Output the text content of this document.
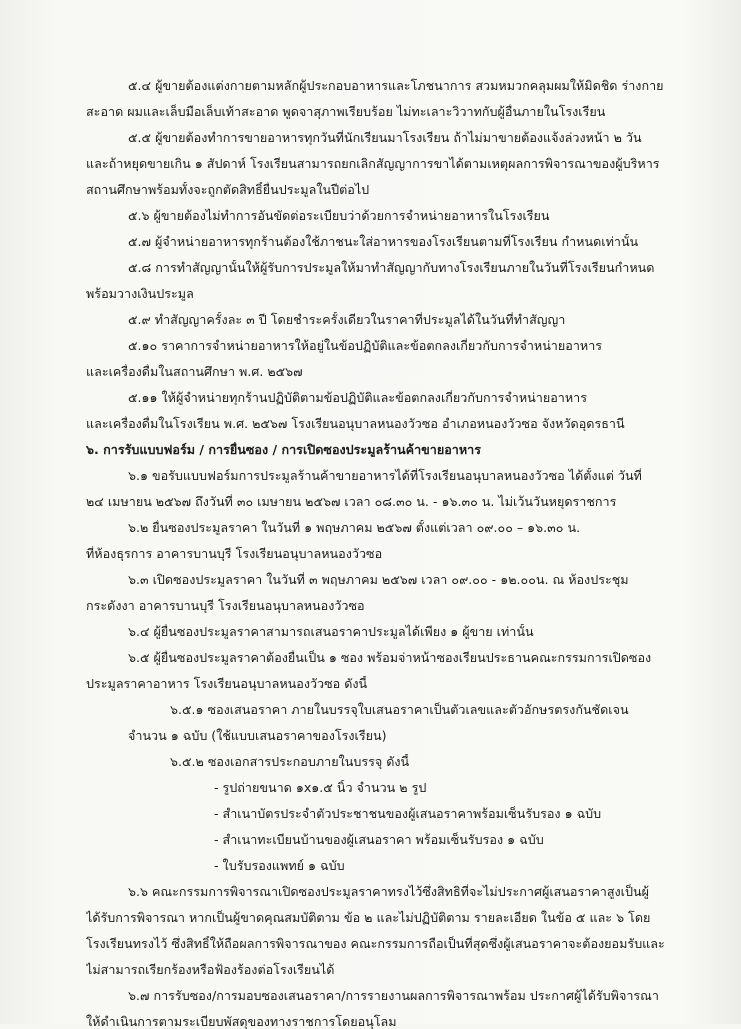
๕.๔ ผู้ขายต้องแต่งกายตามหลักผู้ประกอบอาหารและโภชนาการ สวมหมวกคลุมผมให้มิดชิด ร่างกาย
สะอาด ผมและเล็บมือเล็บเท้าสะอาด พูดจาสุภาพเรียบร้อย ไม่ทะเลาะวิวาทกับผู้อื่นภายในโรงเรียน
๕.๕ ผู้ขายต้องทำการขายอาหารทุกวันที่นักเรียนมาโรงเรียน ถ้าไม่มาขายต้องแจ้งล่วงหน้า ๒ วัน
และถ้าหยุดขายเกิน ๑ สัปดาห์ โรงเรียนสามารถยกเลิกสัญญาการขาได้ตามเหตุผลการพิจารณาของผู้บริหาร
สถานศึกษาพร้อมทั้งจะถูกตัดสิทธิ์ยื่นประมูลในปีต่อไป
๕.๖ ผู้ขายต้องไม่ทำการอันขัดต่อระเบียบว่าด้วยการจำหน่ายอาหารในโรงเรียน
๕.๗ ผู้จำหน่ายอาหารทุกร้านต้องใช้ภาชนะใส่อาหารของโรงเรียนตามที่โรงเรียน กำหนดเท่านั้น
๕.๘ การทำสัญญานั้นให้ผู้รับการประมูลให้มาทำสัญญากับทางโรงเรียนภายในวันที่โรงเรียนกำหนด
พร้อมวางเงินประมูล
๕.๙ ทำสัญญาครั้งละ ๓ ปี โดยชำระครั้งเดียวในราคาที่ประมูลได้ในวันที่ทำสัญญา
๕.๑๐ ราคาการจำหน่ายอาหารให้อยู่ในข้อปฏิบัติและข้อตกลงเกี่ยวกับการจำหน่ายอาหาร
และเครื่องดื่มในสถานศึกษา พ.ศ. ๒๕๖๗
๕.๑๑ ให้ผู้จำหน่ายทุกร้านปฏิบัติตามข้อปฏิบัติและข้อตกลงเกี่ยวกับการจำหน่ายอาหาร
และเครื่องดื่มในโรงเรียน พ.ศ. ๒๕๖๗ โรงเรียนอนุบาลหนองวัวซอ อำเภอหนองวัวซอ จังหวัดอุดรธานี
๖. การรับแบบฟอร์ม / การยื่นซอง / การเปิดซองประมูลร้านค้าขายอาหาร
๖.๑ ขอรับแบบฟอร์มการประมูลร้านค้าขายอาหารได้ที่โรงเรียนอนุบาลหนองวัวซอ ได้ตั้งแต่ วันที่
๒๔ เมษายน ๒๕๖๗ ถึงวันที่ ๓๐ เมษายน ๒๕๖๗ เวลา ๐๘.๓๐ น. - ๑๖.๓๐ น. ไม่เว้นวันหยุดราชการ
๖.๒ ยื่นซองประมูลราคา ในวันที่ ๑ พฤษภาคม ๒๕๖๗ ตั้งแต่เวลา ๐๙.๐๐ – ๑๖.๓๐ น.
ที่ห้องธุรการ อาคารบานบุรี โรงเรียนอนุบาลหนองวัวซอ
๖.๓ เปิดซองประมูลราคา ในวันที่ ๓ พฤษภาคม ๒๕๖๗ เวลา ๐๙.๐๐ - ๑๒.๐๐น. ณ ห้องประชุม
กระดังงา อาคารบานบุรี โรงเรียนอนุบาลหนองวัวซอ
๖.๔ ผู้ยื่นซองประมูลราคาสามารถเสนอราคาประมูลได้เพียง ๑ ผู้ขาย เท่านั้น
๖.๕ ผู้ยื่นซองประมูลราคาต้องยื่นเป็น ๑ ซอง พร้อมจ่าหน้าซองเรียนประธานคณะกรรมการเปิดซอง
ประมูลราคาอาหาร โรงเรียนอนุบาลหนองวัวซอ ดังนี้
๖.๕.๑ ซองเสนอราคา ภายในบรรจุใบเสนอราคาเป็นตัวเลขและตัวอักษรตรงกันชัดเจน
จำนวน ๑ ฉบับ (ใช้แบบเสนอราคาของโรงเรียน)
๖.๕.๒ ซองเอกสารประกอบภายในบรรจุ ดังนี้
- รูปถ่ายขนาด ๑x๑.๕ นิ้ว จำนวน ๒ รูป
- สำเนาบัตรประจำตัวประชาชนของผู้เสนอราคาพร้อมเซ็นรับรอง ๑ ฉบับ
- สำเนาทะเบียนบ้านของผู้เสนอราคา พร้อมเซ็นรับรอง ๑ ฉบับ
- ใบรับรองแพทย์ ๑ ฉบับ
๖.๖ คณะกรรมการพิจารณาเปิดซองประมูลราคาทรงไว้ซึ่งสิทธิที่จะไม่ประกาศผู้เสนอราคาสูงเป็นผู้
ได้รับการพิจารณา หากเป็นผู้ขาดคุณสมบัติตาม ข้อ ๒ และไม่ปฏิบัติตาม รายละเอียด ในข้อ ๕ และ ๖ โดย
โรงเรียนทรงไว้ ซึ่งสิทธิ์ให้ถือผลการพิจารณาของ คณะกรรมการถือเป็นที่สุดซึ่งผู้เสนอราคาจะต้องยอมรับและ
ไม่สามารถเรียกร้องหรือฟ้องร้องต่อโรงเรียนได้
๖.๗ การรับซอง/การมอบซองเสนอราคา/การรายงานผลการพิจารณาพร้อม ประกาศผู้ได้รับพิจารณา
ให้ดำเนินการตามระเบียบพัสดุของทางราชการโดยอนุโลม
